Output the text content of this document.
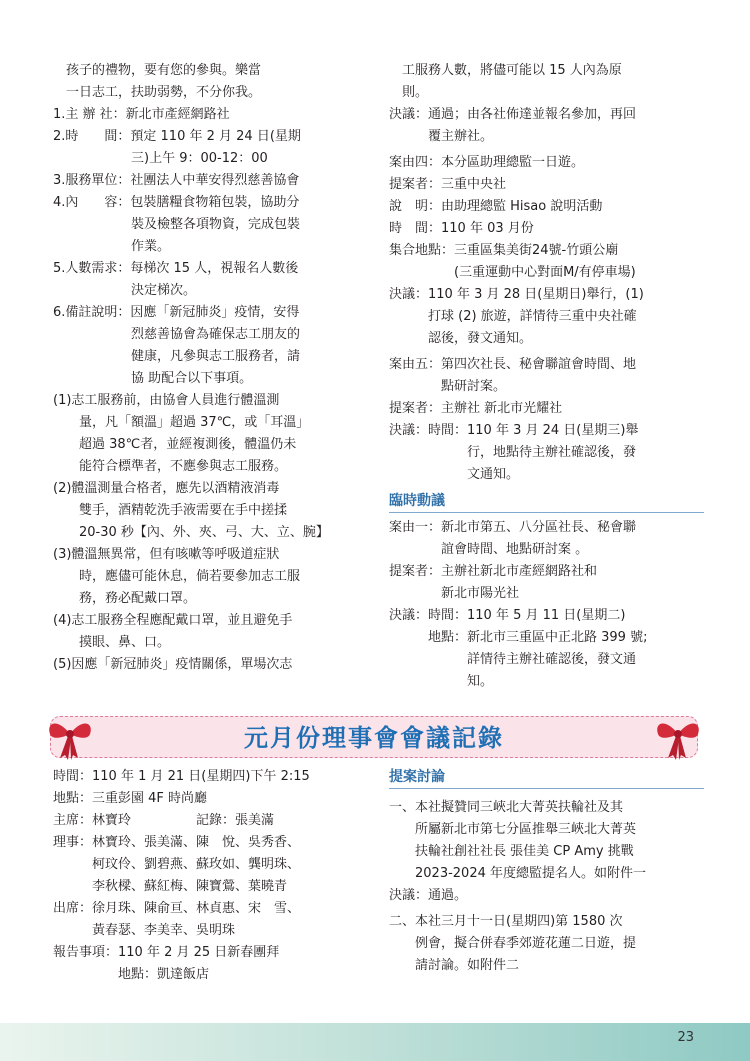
　孩子的禮物，要有您的參與。樂當
　一日志工，扶助弱勢，不分你我。
1.主 辦 社：新北市產經網路社
2.時　　間：預定 110 年 2 月 24 日(星期
　　　　　　三)上午 9：00-12：00
3.服務單位：社團法人中華安得烈慈善協會
4.內　　容：包裝膳糧食物箱包裝，協助分
　　　　　　裝及檢整各項物資，完成包裝
　　　　　　作業。
5.人數需求：每梯次 15 人，視報名人數後
　　　　　　決定梯次。
6.備註說明：因應「新冠肺炎」疫情，安得
　　　　　　烈慈善協會為確保志工朋友的
　　　　　　健康，凡參與志工服務者，請
　　　　　　協 助配合以下事項。
(1)志工服務前，由協會人員進行體溫測
　　量，凡「額溫」超過 37℃，或「耳溫」
　　超過 38℃者，並經複測後，體溫仍未
　　能符合標準者，不應參與志工服務。
(2)體溫測量合格者，應先以酒精液消毒
　　雙手，酒精乾洗手液需要在手中搓揉
　　20-30 秒【內、外、夾、弓、大、立、腕】
(3)體溫無異常，但有咳嗽等呼吸道症狀
　　時，應儘可能休息，倘若要參加志工服
　　務，務必配戴口罩。
(4)志工服務全程應配戴口罩，並且避免手
　　摸眼、鼻、口。
(5)因應「新冠肺炎」疫情關係，單場次志
　工服務人數，將儘可能以 15 人內為原
　則。
決議：通過；由各社佈達並報名參加，再回
　　　覆主辦社。
案由四：本分區助理總監一日遊。
提案者：三重中央社
說　明：由助理總監 Hisao 說明活動
時　間：110 年 03 月份
集合地點：三重區集美街24號-竹頭公廟
　　　　　(三重運動中心對面M/有停車場)
決議：110 年 3 月 28 日(星期日)舉行，(1)
　　　打球 (2) 旅遊，詳情待三重中央社確
　　　認後，發文通知。
案由五：第四次社長、秘會聯誼會時間、地
　　　　點研討案。
提案者：主辦社 新北市光耀社
決議：時間：110 年 3 月 24 日(星期三)舉
　　　　　　行，地點待主辦社確認後，發
　　　　　　文通知。
臨時動議
案由一：新北市第五、八分區社長、秘會聯
　　　　誼會時間、地點研討案 。
提案者：主辦社新北市產經網路社和
　　　　新北市陽光社
決議：時間：110 年 5 月 11 日(星期二)
　　　地點：新北市三重區中正北路 399 號;
　　　　　　詳情待主辦社確認後，發文通
　　　　　　知。
元月份理事會會議記錄
時間：110 年 1 月 21 日(星期四)下午 2:15
地點：三重彭園 4F 時尚廳
主席：林寶玲　　　　　記錄：張美滿
理事：林寶玲、張美滿、陳　悅、吳秀香、
　　　柯玟伶、劉碧燕、蘇玫如、龔明珠、
　　　李秋樑、蘇紅梅、陳寶鶯、葉曉青
出席：徐月珠、陳俞亘、林貞惠、宋　雪、
　　　黃春瑟、李美幸、吳明珠
報告事項：110 年 2 月 25 日新春團拜
　　　　　地點：凱達飯店
提案討論
一、本社擬贊同三峽北大菁英扶輪社及其
　　所屬新北市第七分區推舉三峽北大菁英
　　扶輪社創社社長 張佳美 CP Amy 挑戰
　　2023-2024 年度總監提名人。如附件一
決議：通過。
二、本社三月十一日(星期四)第 1580 次
　　例會，擬合併春季郊遊花蓮二日遊，提
　　請討論。如附件二
23
